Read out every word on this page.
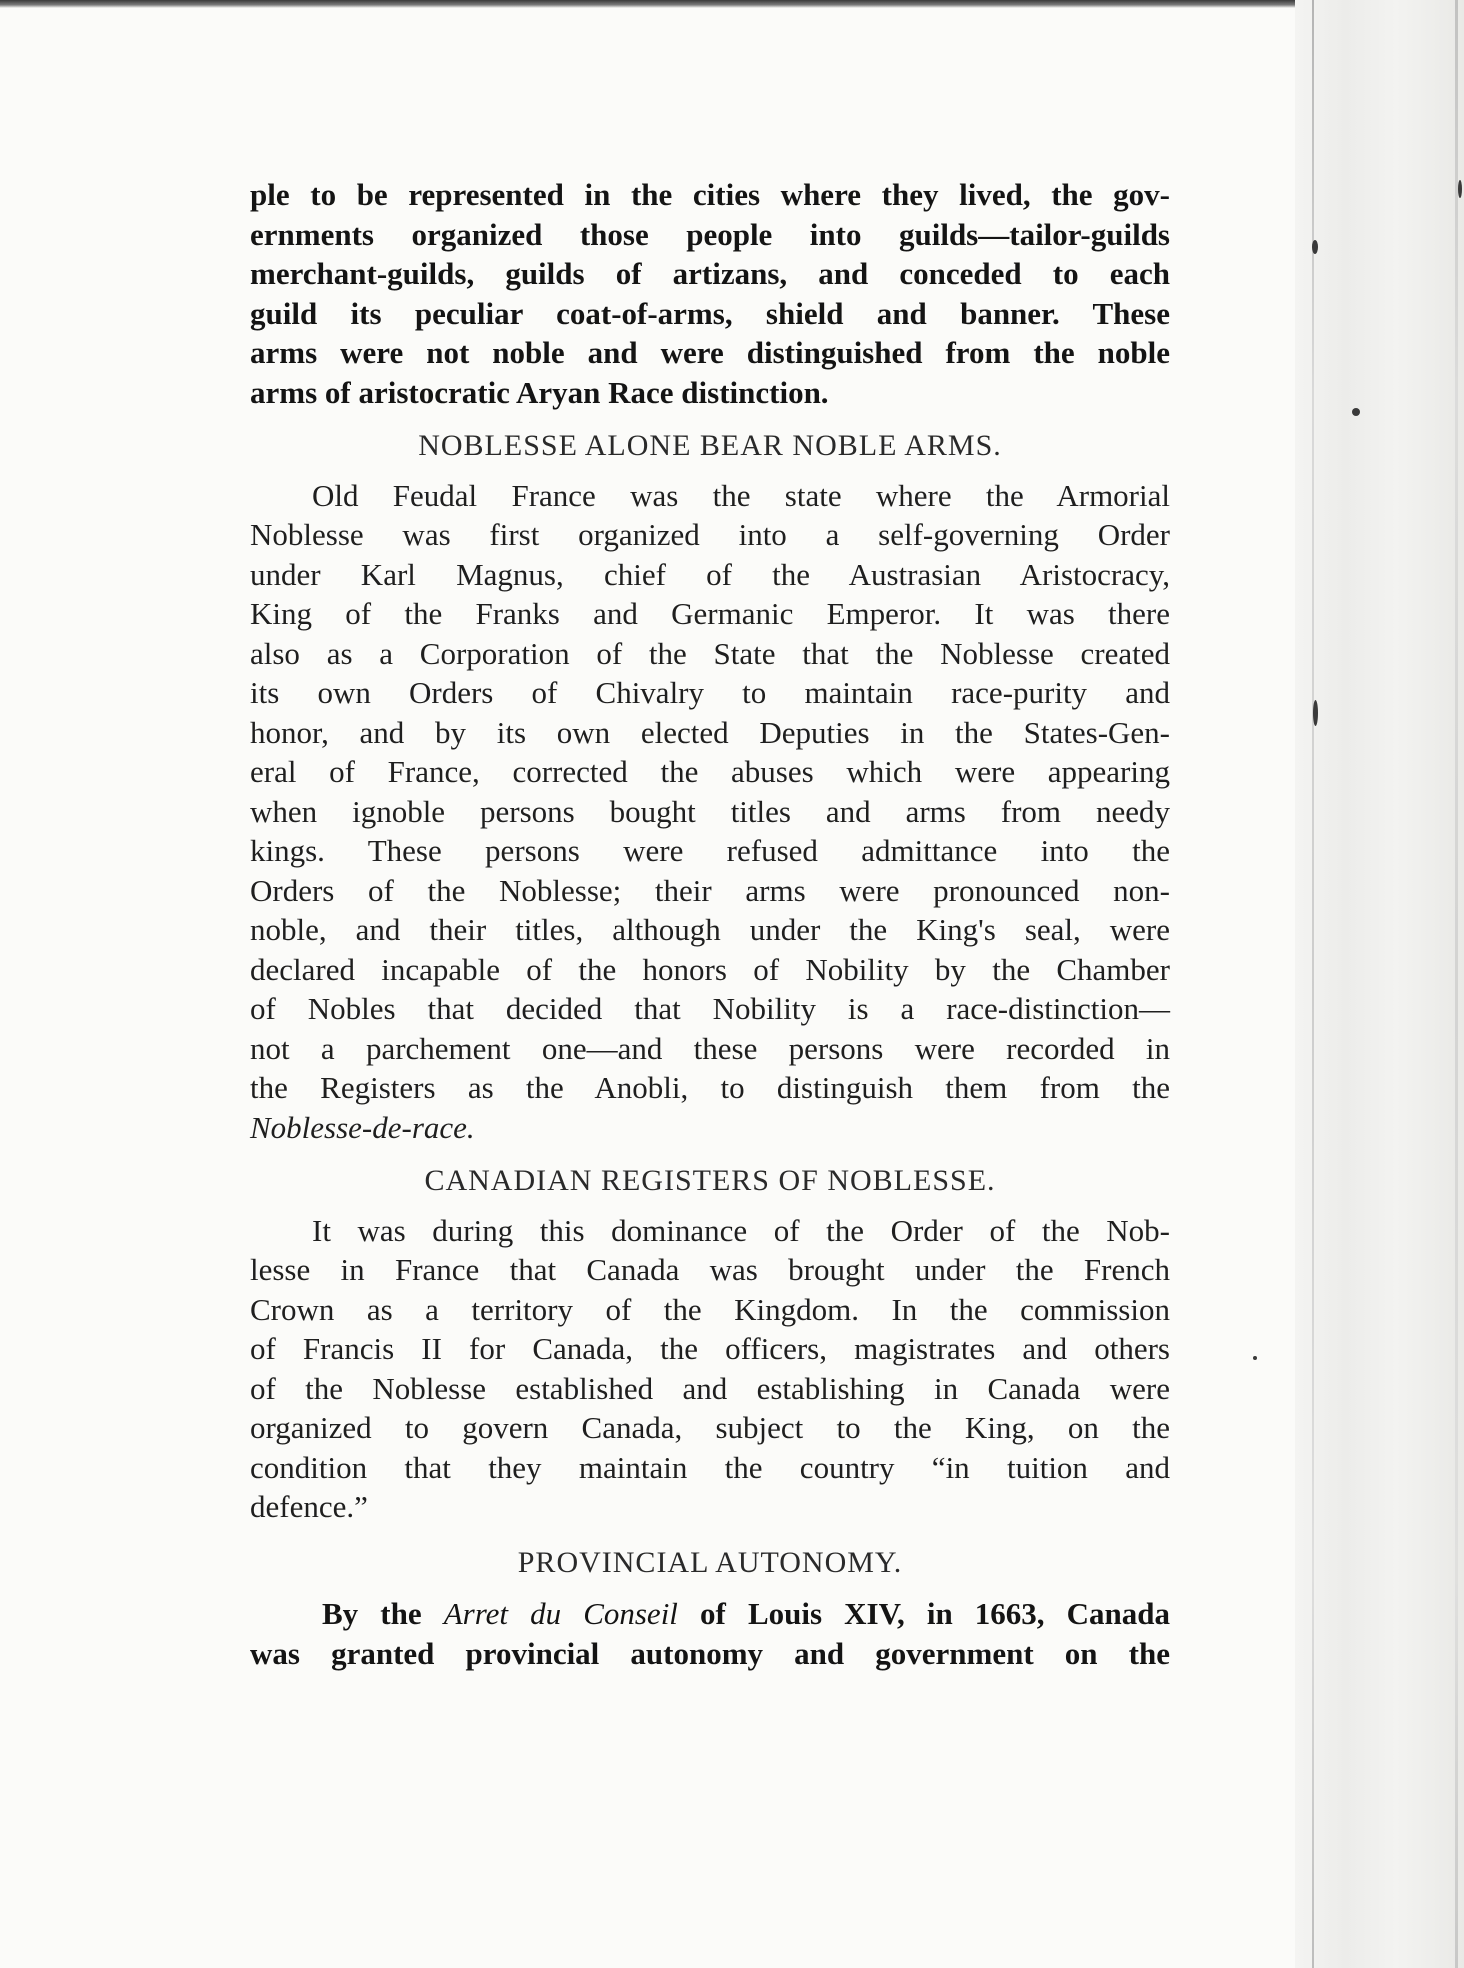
ple to be represented in the cities where they lived, the gov-
ernments organized those people into guilds—tailor-guilds
merchant-guilds, guilds of artizans, and conceded to each
guild its peculiar coat-of-arms, shield and banner. These
arms were not noble and were distinguished from the noble
arms of aristocratic Aryan Race distinction.
NOBLESSE ALONE BEAR NOBLE ARMS.
Old Feudal France was the state where the Armorial
Noblesse was first organized into a self-governing Order
under Karl Magnus, chief of the Austrasian Aristocracy,
King of the Franks and Germanic Emperor. It was there
also as a Corporation of the State that the Noblesse created
its own Orders of Chivalry to maintain race-purity and
honor, and by its own elected Deputies in the States-Gen-
eral of France, corrected the abuses which were appearing
when ignoble persons bought titles and arms from needy
kings. These persons were refused admittance into the
Orders of the Noblesse; their arms were pronounced non-
noble, and their titles, although under the King's seal, were
declared incapable of the honors of Nobility by the Chamber
of Nobles that decided that Nobility is a race-distinction—
not a parchement one—and these persons were recorded in
the Registers as the Anobli, to distinguish them from the
Noblesse-de-race.
CANADIAN REGISTERS OF NOBLESSE.
It was during this dominance of the Order of the Nob-
lesse in France that Canada was brought under the French
Crown as a territory of the Kingdom. In the commission
of Francis II for Canada, the officers, magistrates and others
of the Noblesse established and establishing in Canada were
organized to govern Canada, subject to the King, on the
condition that they maintain the country “in tuition and
defence.”
PROVINCIAL AUTONOMY.
By the Arret du Conseil of Louis XIV, in 1663, Canada
was granted provincial autonomy and government on the
